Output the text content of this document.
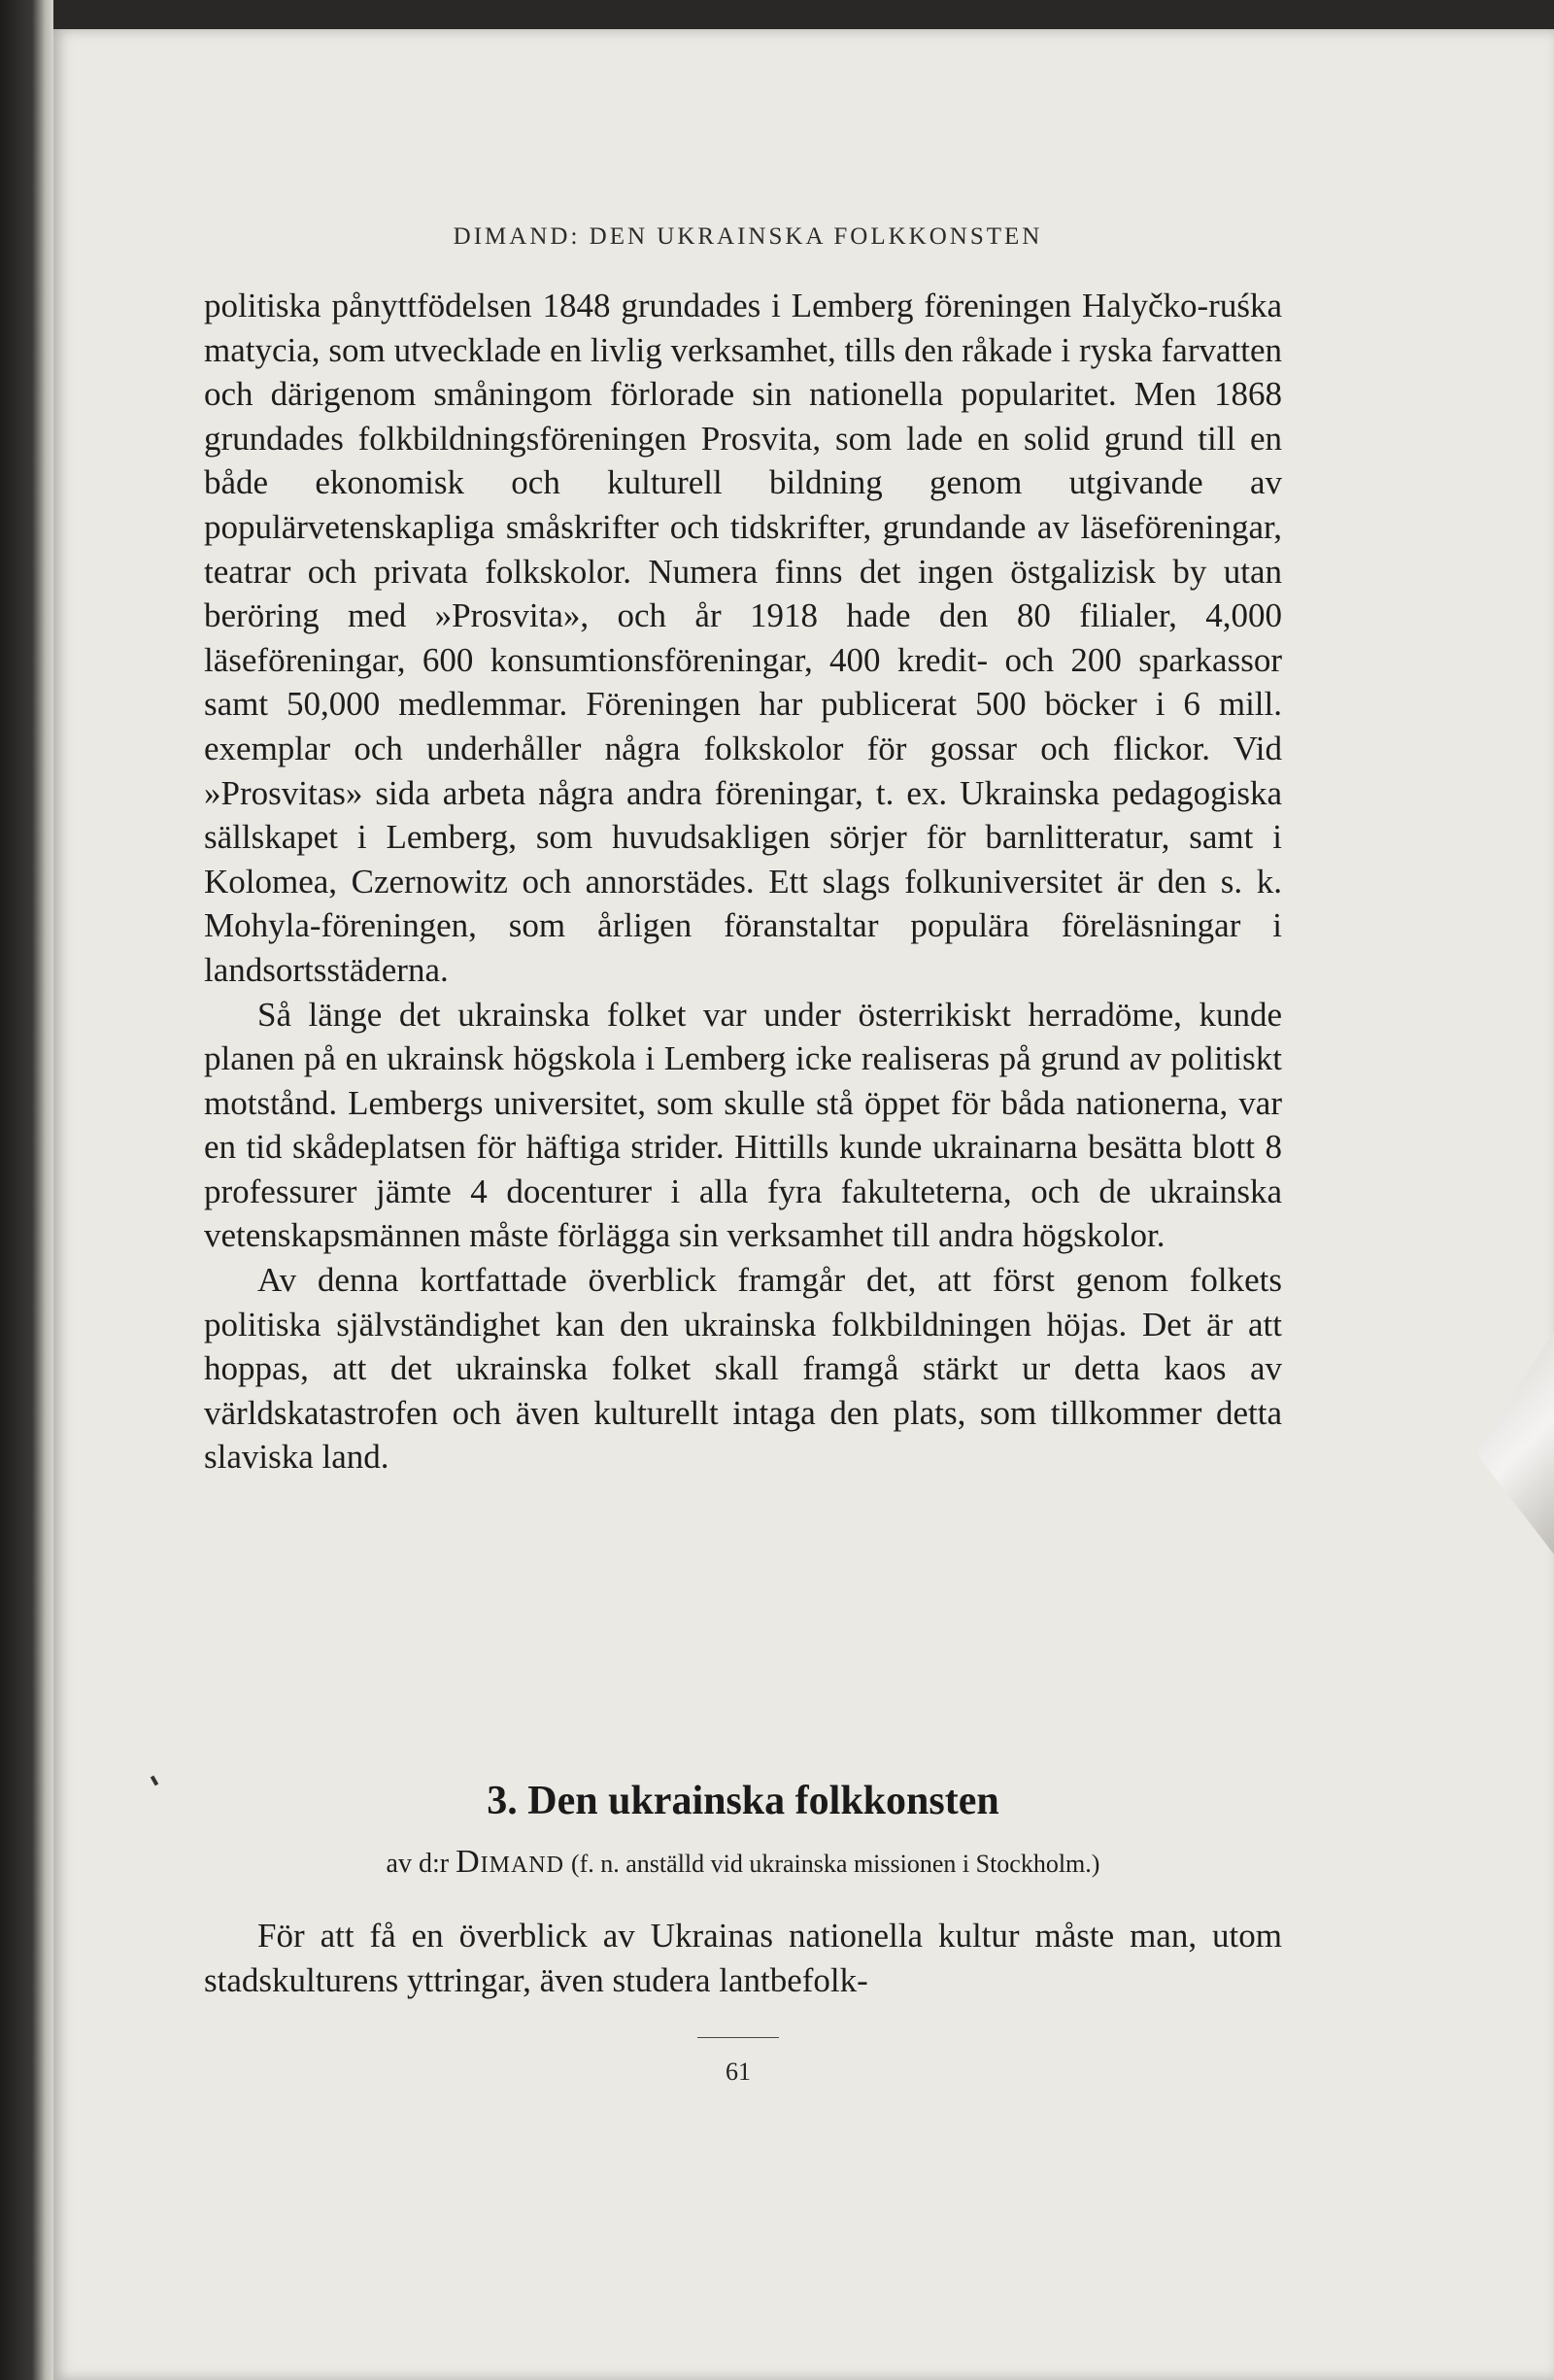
DIMAND: DEN UKRAINSKA FOLKKONSTEN

politiska pånyttfödelsen 1848 grundades i Lemberg föreningen Halyčko-ruśka matycia, som utvecklade en livlig verksamhet, tills den råkade i ryska farvatten och därigenom småningom förlorade sin nationella popularitet. Men 1868 grundades folkbildningsföreningen Prosvita, som lade en solid grund till en både ekonomisk och kulturell bildning genom utgivande av populärvetenskapliga småskrifter och tidskrifter, grundande av läseföreningar, teatrar och privata folkskolor. Numera finns det ingen östgalizisk by utan beröring med »Prosvita», och år 1918 hade den 80 filialer, 4,000 läseföreningar, 600 konsumtionsföreningar, 400 kredit- och 200 sparkassor samt 50,000 medlemmar. Föreningen har publicerat 500 böcker i 6 mill. exemplar och underhåller några folkskolor för gossar och flickor. Vid »Prosvitas» sida arbeta några andra föreningar, t. ex. Ukrainska pedagogiska sällskapet i Lemberg, som huvudsakligen sörjer för barnlitteratur, samt i Kolomea, Czernowitz och annorstädes. Ett slags folkuniversitet är den s. k. Mohyla-föreningen, som årligen föranstaltar populära föreläsningar i landsortsstäderna.

Så länge det ukrainska folket var under österrikiskt herradöme, kunde planen på en ukrainsk högskola i Lemberg icke realiseras på grund av politiskt motstånd. Lembergs universitet, som skulle stå öppet för båda nationerna, var en tid skådeplatsen för häftiga strider. Hittills kunde ukrainarna besätta blott 8 professurer jämte 4 docenturer i alla fyra fakulteterna, och de ukrainska vetenskapsmännen måste förlägga sin verksamhet till andra högskolor.

Av denna kortfattade överblick framgår det, att först genom folkets politiska självständighet kan den ukrainska folkbildningen höjas. Det är att hoppas, att det ukrainska folket skall framgå stärkt ur detta kaos av världskatastrofen och även kulturellt intaga den plats, som tillkommer detta slaviska land.

3. Den ukrainska folkkonsten
av d:r Dimand (f. n. anställd vid ukrainska missionen i Stockholm.)

För att få en överblick av Ukrainas nationella kultur måste man, utom stadskulturens yttringar, även studera lantbefolk-

61
